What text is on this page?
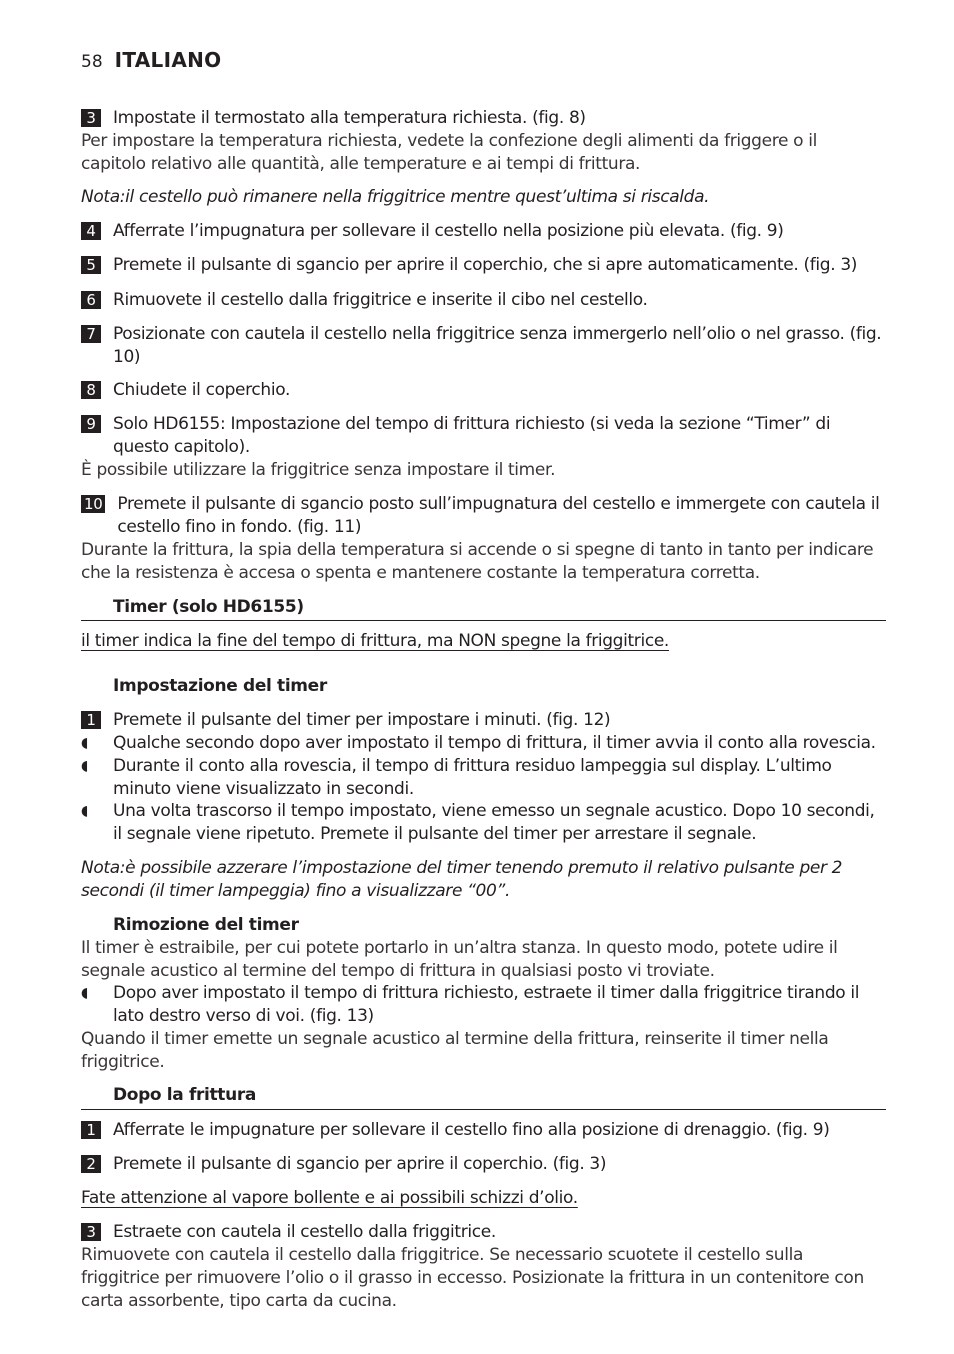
58 ITALIANO
3	Impostate il termostato alla temperatura richiesta. (fig. 8)
Per impostare la temperatura richiesta, vedete la confezione degli alimenti da friggere o il capitolo relativo alle quantità, alle temperature e ai tempi di frittura.
Nota:il cestello può rimanere nella friggitrice mentre quest’ultima si riscalda.
4	Afferrate l’impugnatura per sollevare il cestello nella posizione più elevata. (fig. 9)
5	Premete il pulsante di sgancio per aprire il coperchio, che si apre automaticamente. (fig. 3)
6	Rimuovete il cestello dalla friggitrice e inserite il cibo nel cestello.
7	Posizionate con cautela il cestello nella friggitrice senza immergerlo nell’olio o nel grasso. (fig. 10)
8	Chiudete il coperchio.
9	Solo HD6155: Impostazione del tempo di frittura richiesto (si veda la sezione “Timer” di questo capitolo).
È possibile utilizzare la friggitrice senza impostare il timer.
10 Premete il pulsante di sgancio posto sull’impugnatura del cestello e immergete con cautela il cestello fino in fondo. (fig. 11)
Durante la frittura, la spia della temperatura si accende o si spegne di tanto in tanto per indicare che la resistenza è accesa o spenta e mantenere costante la temperatura corretta.
Timer (solo HD6155)
il timer indica la fine del tempo di frittura, ma NON spegne la friggitrice.
Impostazione del timer
1	Premete il pulsante del timer per impostare i minuti. (fig. 12)
◖	Qualche secondo dopo aver impostato il tempo di frittura, il timer avvia il conto alla rovescia.
◖	Durante il conto alla rovescia, il tempo di frittura residuo lampeggia sul display. L’ultimo minuto viene visualizzato in secondi.
◖	Una volta trascorso il tempo impostato, viene emesso un segnale acustico. Dopo 10 secondi, il segnale viene ripetuto. Premete il pulsante del timer per arrestare il segnale.
Nota:è possibile azzerare l’impostazione del timer tenendo premuto il relativo pulsante per 2 secondi (il timer lampeggia) fino a visualizzare “00”.
Rimozione del timer
Il timer è estraibile, per cui potete portarlo in un’altra stanza. In questo modo, potete udire il segnale acustico al termine del tempo di frittura in qualsiasi posto vi troviate.
◖	Dopo aver impostato il tempo di frittura richiesto, estraete il timer dalla friggitrice tirando il lato destro verso di voi. (fig. 13)
Quando il timer emette un segnale acustico al termine della frittura, reinserite il timer nella friggitrice.
Dopo la frittura
1	Afferrate le impugnature per sollevare il cestello fino alla posizione di drenaggio. (fig. 9)
2	Premete il pulsante di sgancio per aprire il coperchio. (fig. 3)
Fate attenzione al vapore bollente e ai possibili schizzi d’olio.
3	Estraete con cautela il cestello dalla friggitrice.
Rimuovete con cautela il cestello dalla friggitrice. Se necessario scuotete il cestello sulla friggitrice per rimuovere l’olio o il grasso in eccesso. Posizionate la frittura in un contenitore con carta assorbente, tipo carta da cucina.
